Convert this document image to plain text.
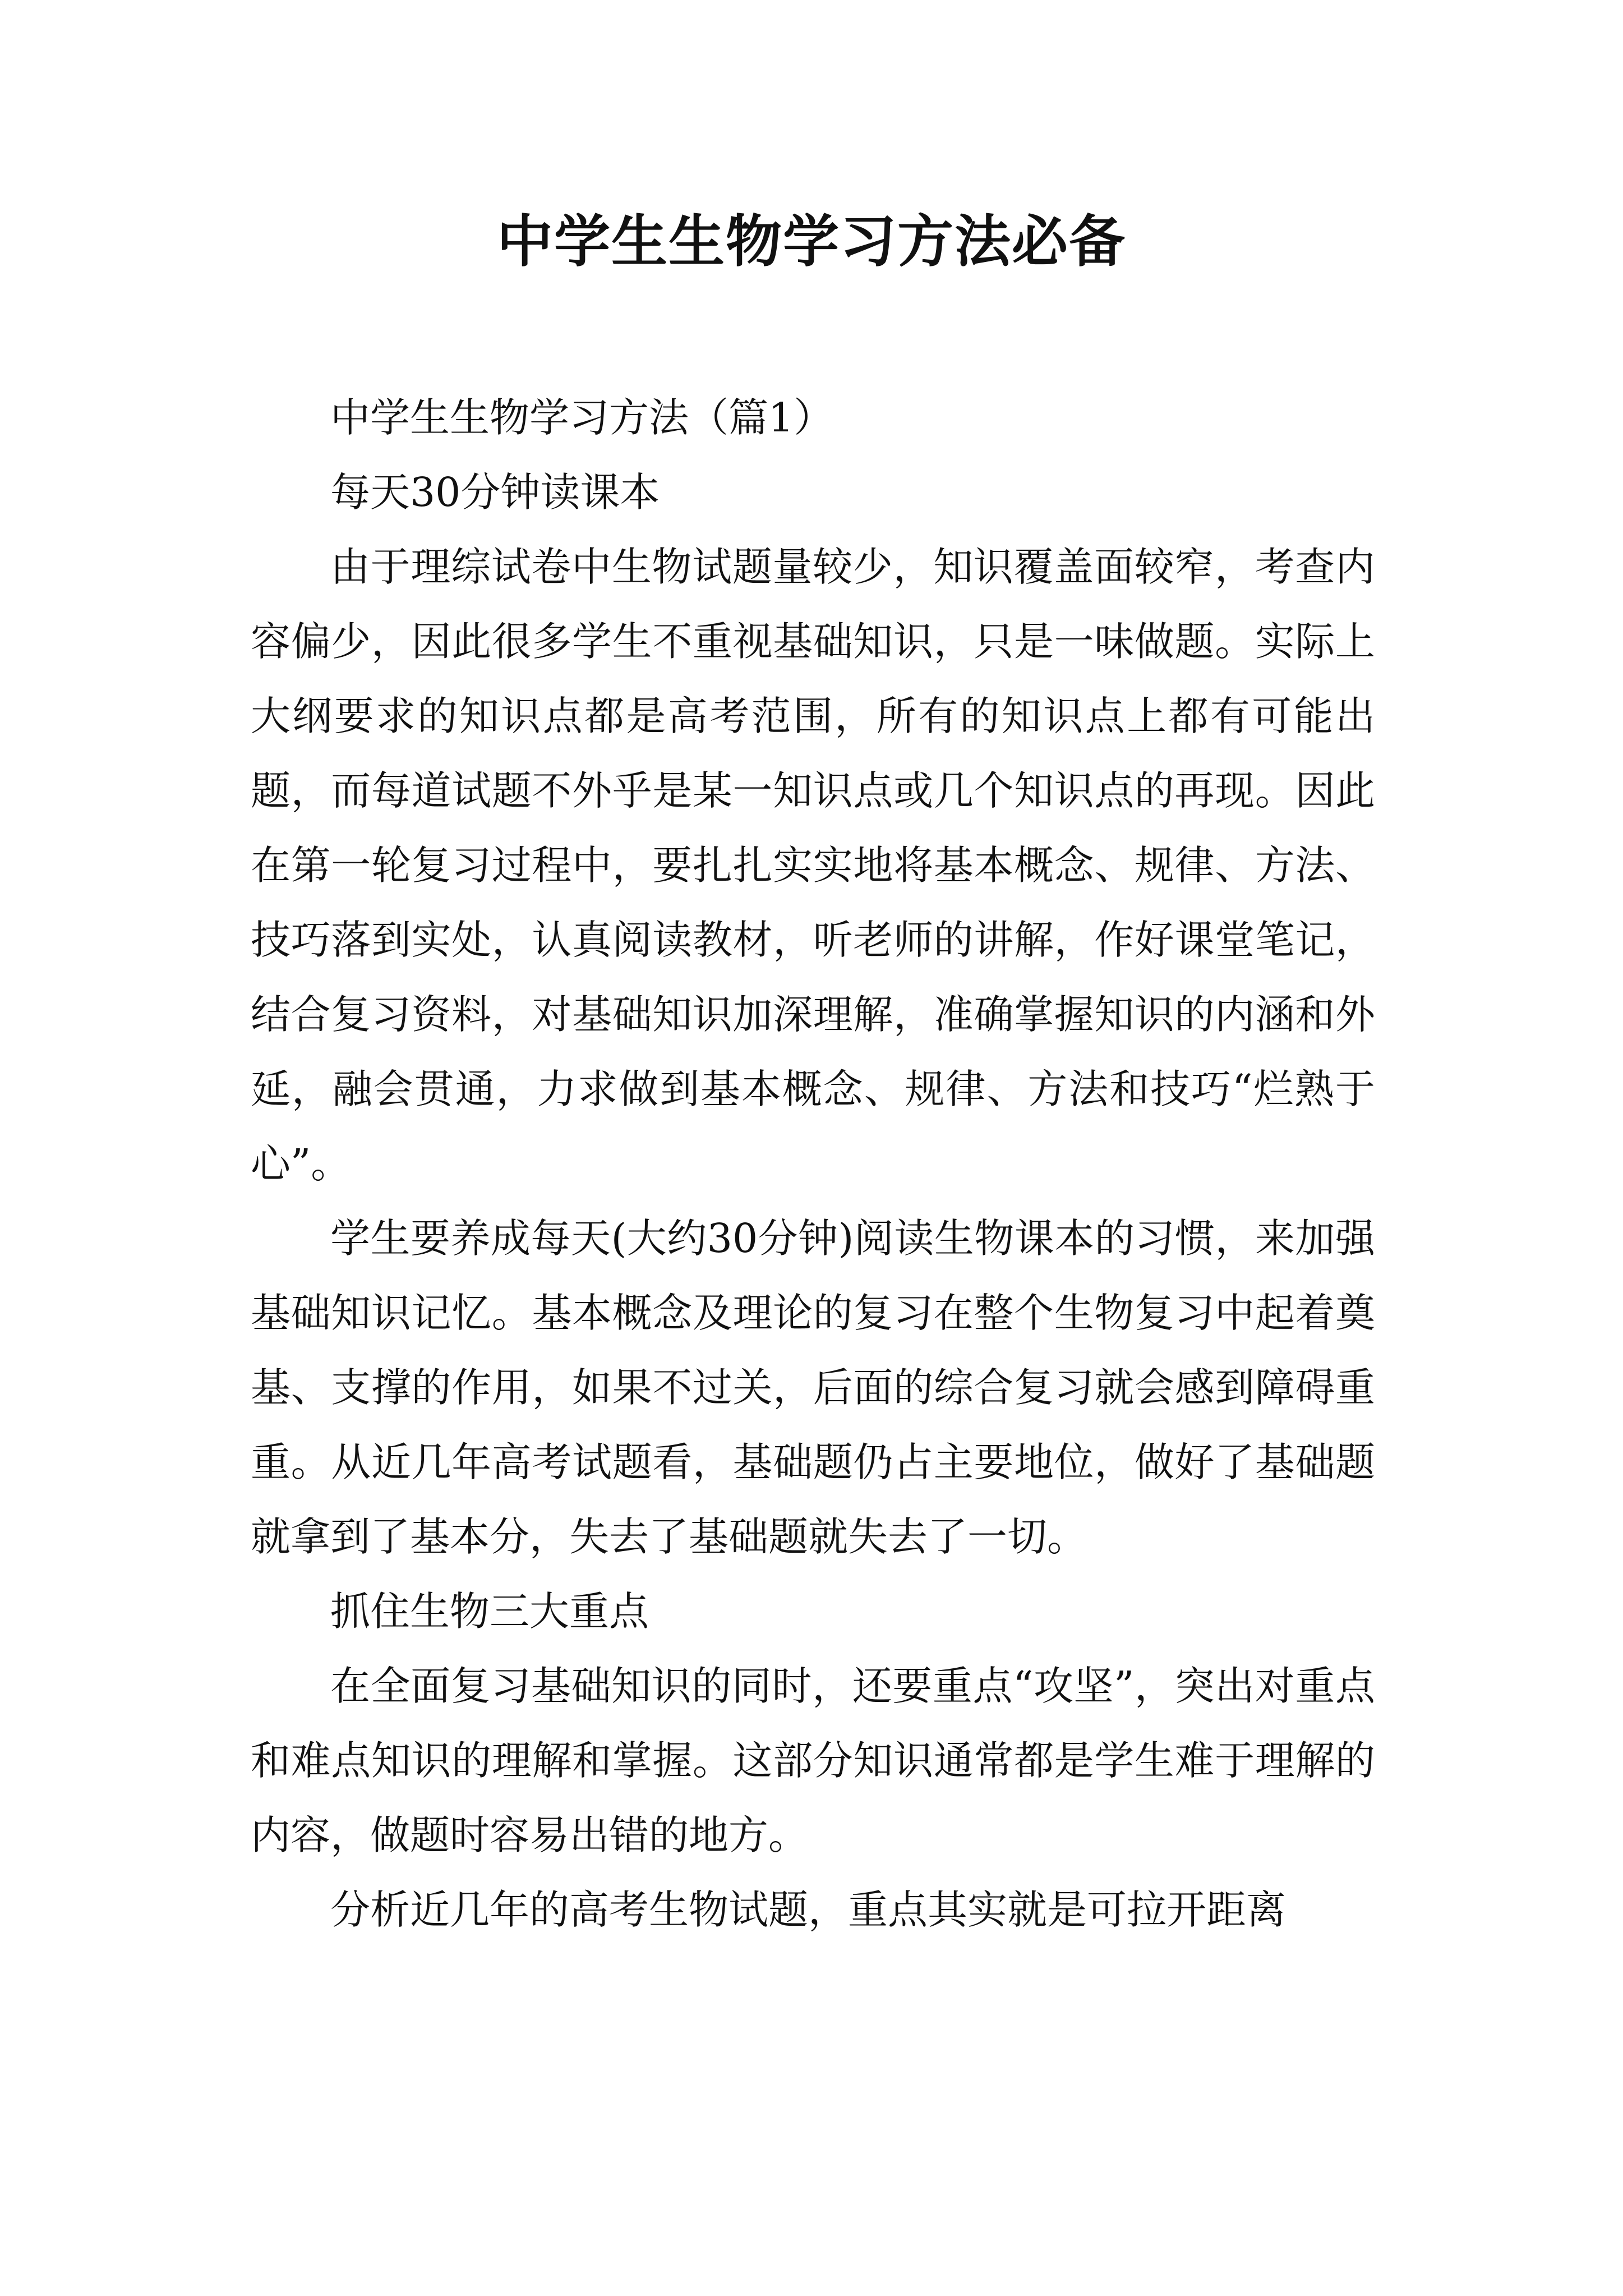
中学生生物学习方法必备

中学生生物学习方法（篇1）

每天30分钟读课本

由于理综试卷中生物试题量较少，知识覆盖面较窄，考查内容偏少，因此很多学生不重视基础知识，只是一味做题。实际上大纲要求的知识点都是高考范围，所有的知识点上都有可能出题，而每道试题不外乎是某一知识点或几个知识点的再现。因此在第一轮复习过程中，要扎扎实实地将基本概念、规律、方法、技巧落到实处，认真阅读教材，听老师的讲解，作好课堂笔记，结合复习资料，对基础知识加深理解，准确掌握知识的内涵和外延，融会贯通，力求做到基本概念、规律、方法和技巧“烂熟于心”。

学生要养成每天(大约30分钟)阅读生物课本的习惯，来加强基础知识记忆。基本概念及理论的复习在整个生物复习中起着奠基、支撑的作用，如果不过关，后面的综合复习就会感到障碍重重。从近几年高考试题看，基础题仍占主要地位，做好了基础题就拿到了基本分，失去了基础题就失去了一切。

抓住生物三大重点

在全面复习基础知识的同时，还要重点“攻坚”，突出对重点和难点知识的理解和掌握。这部分知识通常都是学生难于理解的内容，做题时容易出错的地方。

分析近几年的高考生物试题，重点其实就是可拉开距离
